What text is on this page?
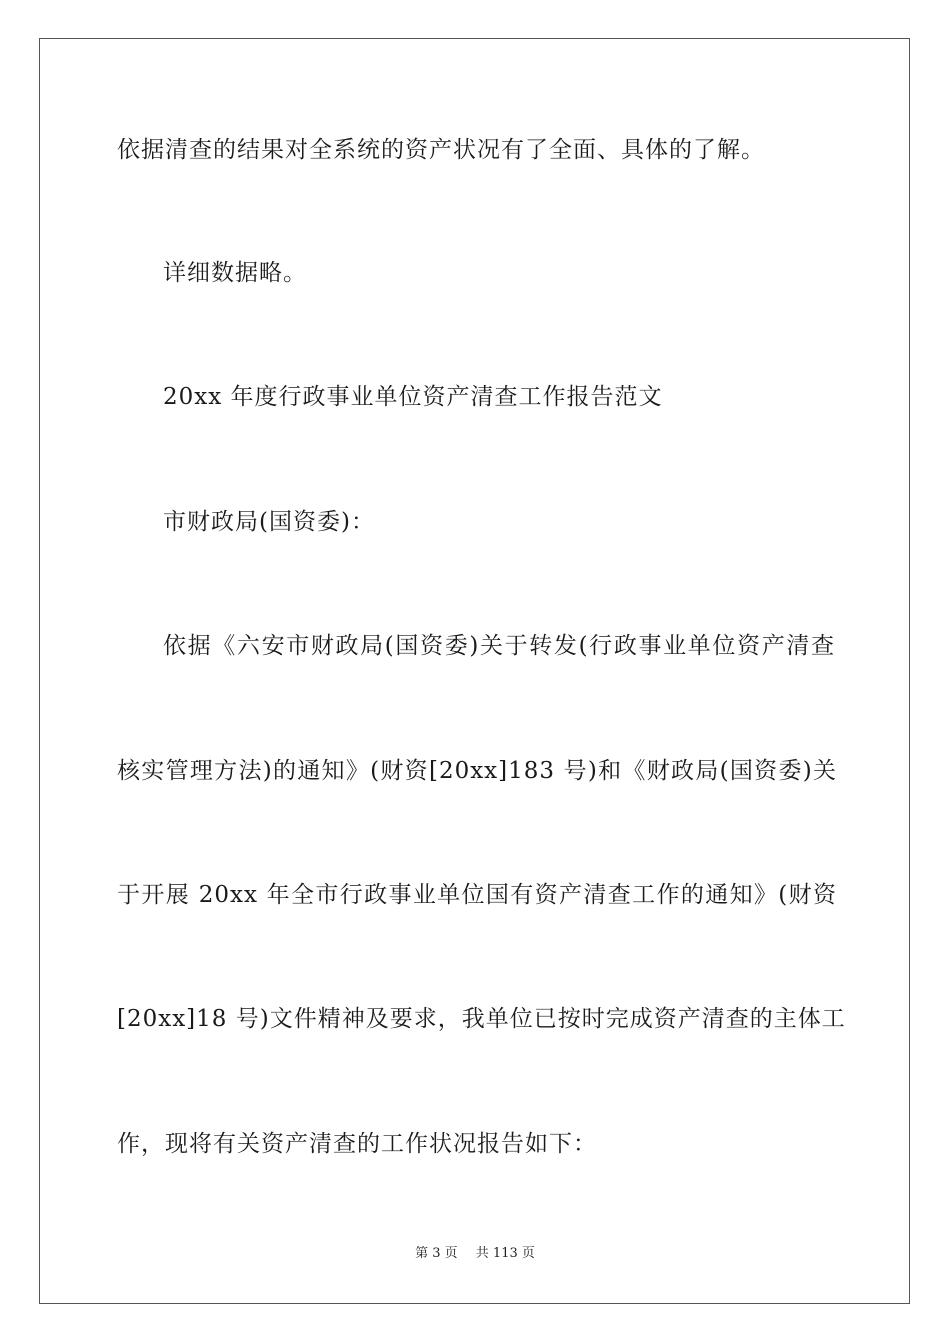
依据清查的结果对全系统的资产状况有了全面、具体的了解。
详细数据略。
20xx 年度行政事业单位资产清查工作报告范文
市财政局(国资委)：
依据《六安市财政局(国资委)关于转发(行政事业单位资产清查
核实管理方法)的通知》(财资[20xx]183 号)和《财政局(国资委)关
于开展 20xx 年全市行政事业单位国有资产清查工作的通知》(财资
[20xx]18 号)文件精神及要求，我单位已按时完成资产清查的主体工
作，现将有关资产清查的工作状况报告如下：
第 3 页 共 113 页
